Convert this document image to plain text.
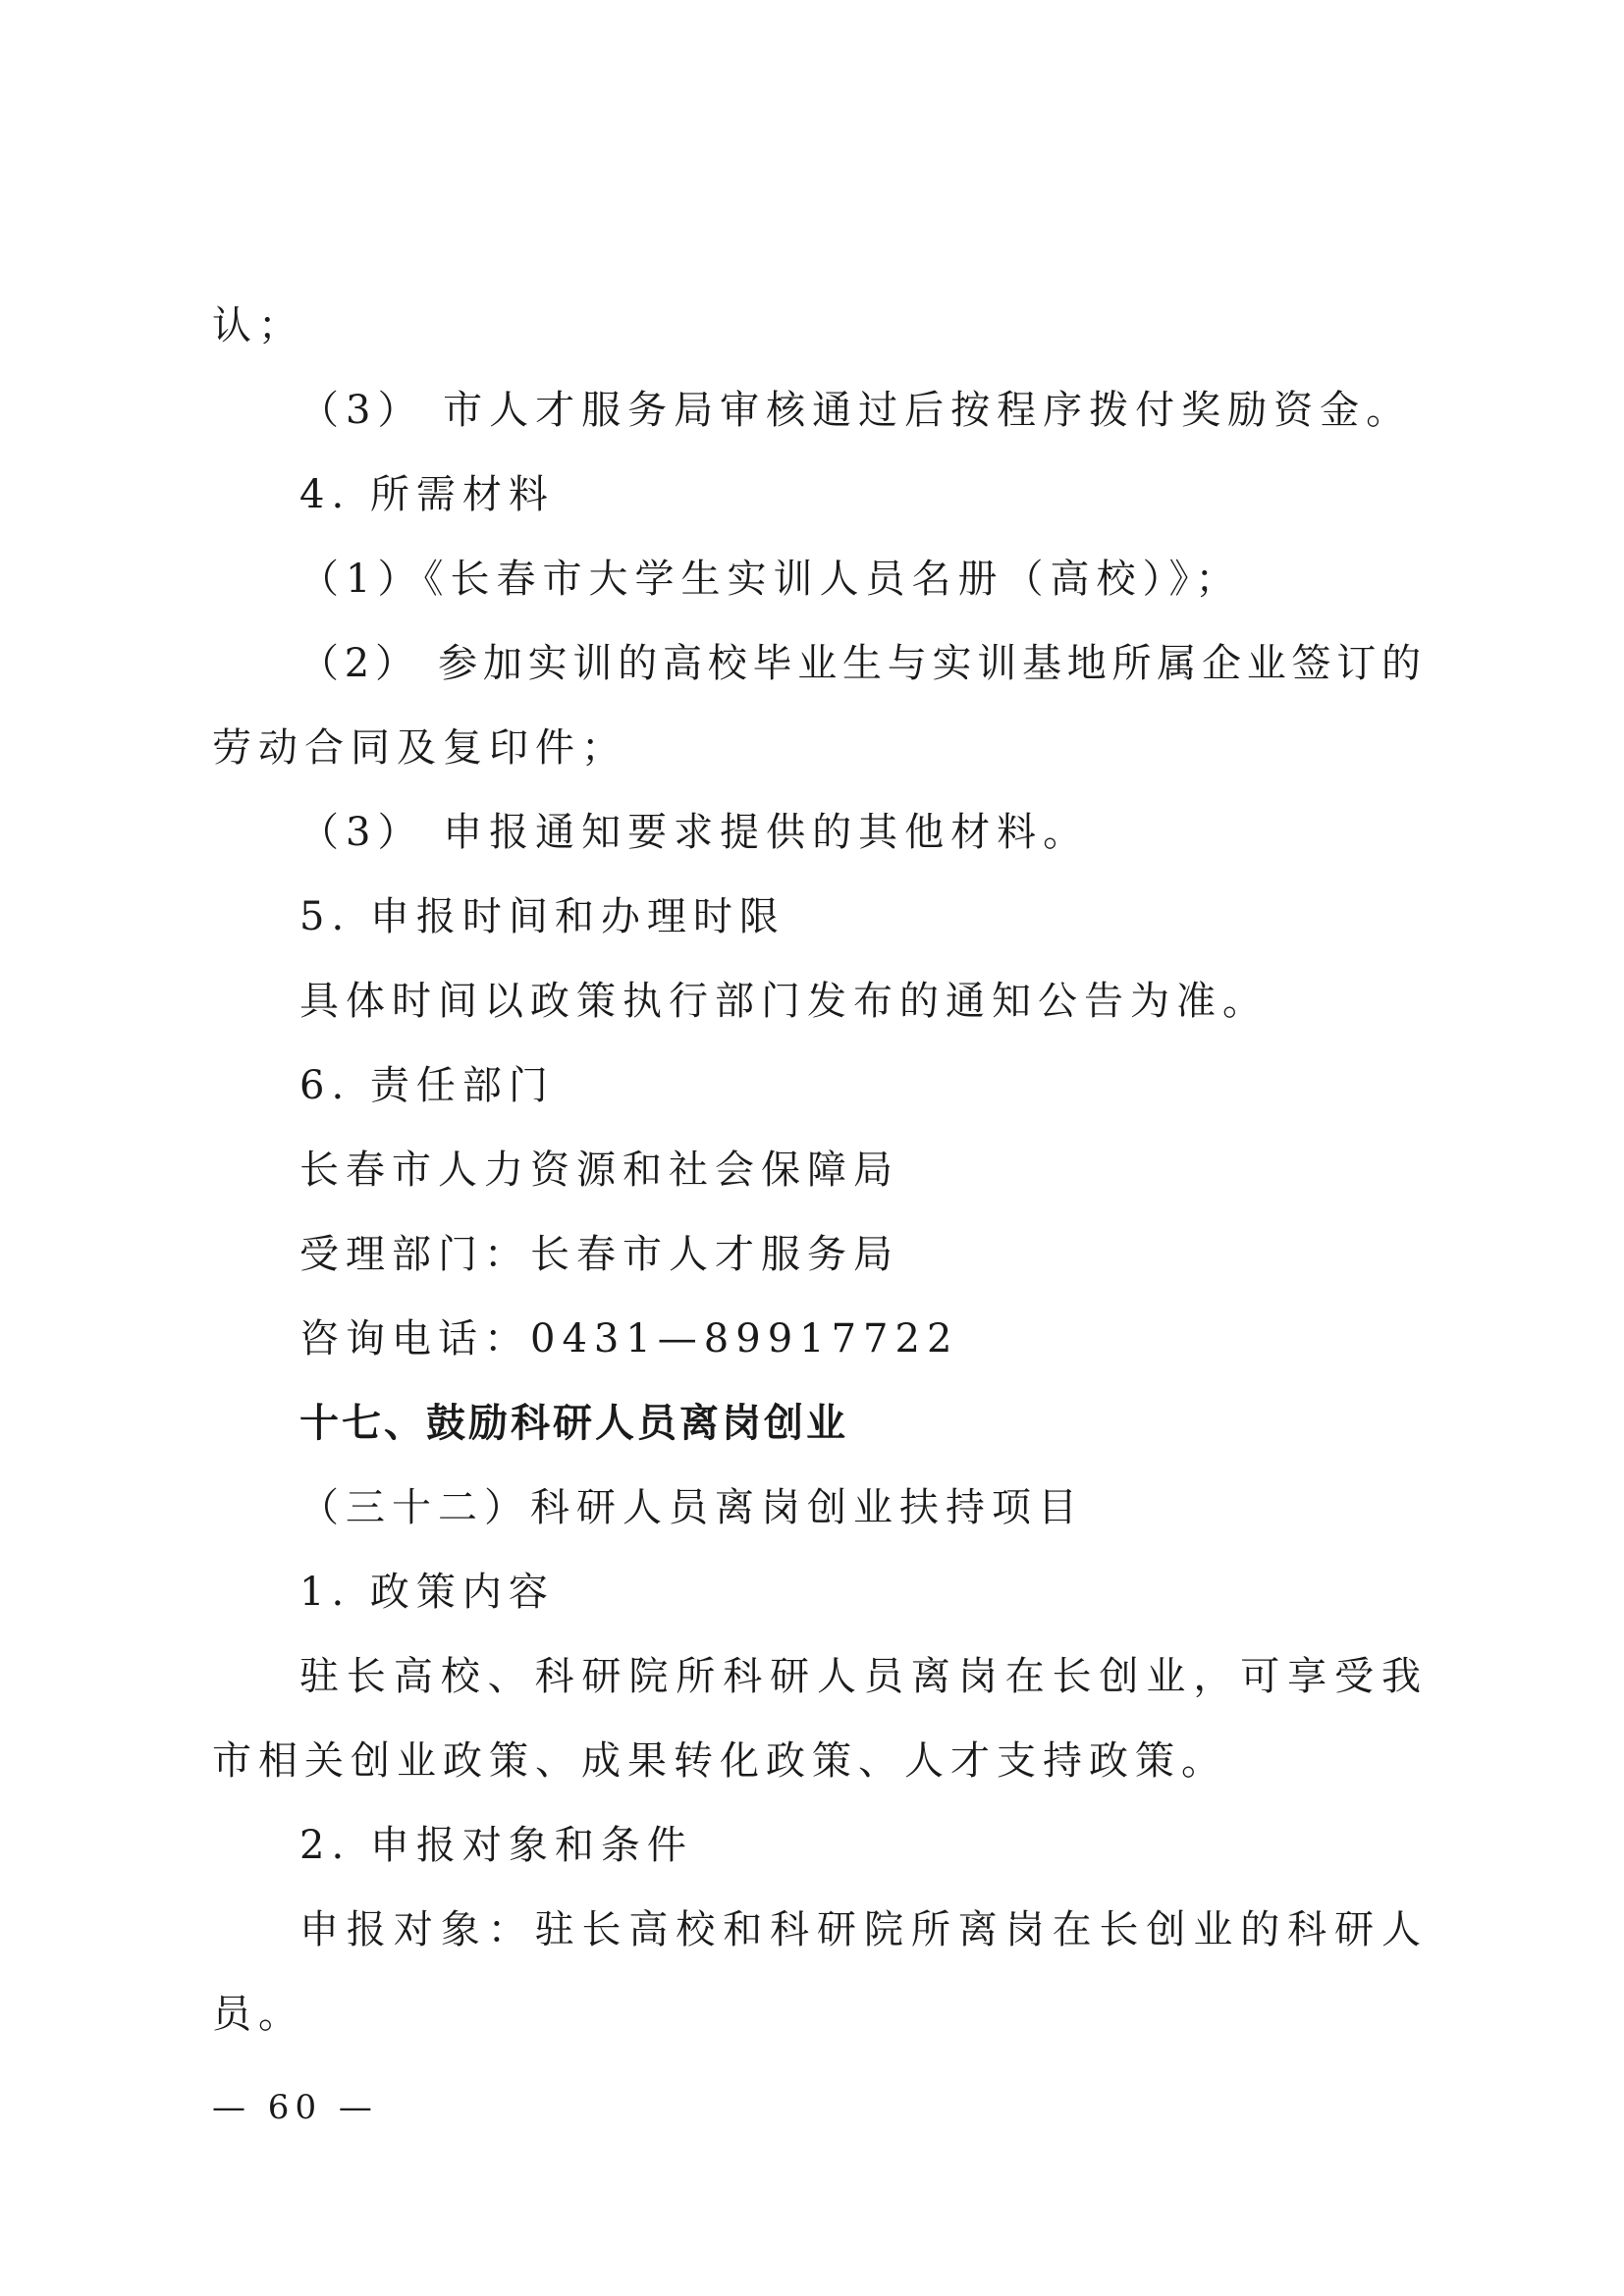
认；
（3） 市人才服务局审核通过后按程序拨付奖励资金。
4. 所需材料
（1）《长春市大学生实训人员名册（高校）》；
（2） 参加实训的高校毕业生与实训基地所属企业签订的
劳动合同及复印件；
（3） 申报通知要求提供的其他材料。
5. 申报时间和办理时限
具体时间以政策执行部门发布的通知公告为准。
6. 责任部门
长春市人力资源和社会保障局
受理部门：长春市人才服务局
咨询电话：0431—89917722
十七、鼓励科研人员离岗创业
（三十二）科研人员离岗创业扶持项目
1. 政策内容
驻长高校、科研院所科研人员离岗在长创业，可享受我
市相关创业政策、成果转化政策、人才支持政策。
2. 申报对象和条件
申报对象：驻长高校和科研院所离岗在长创业的科研人
员。
— 60 —
